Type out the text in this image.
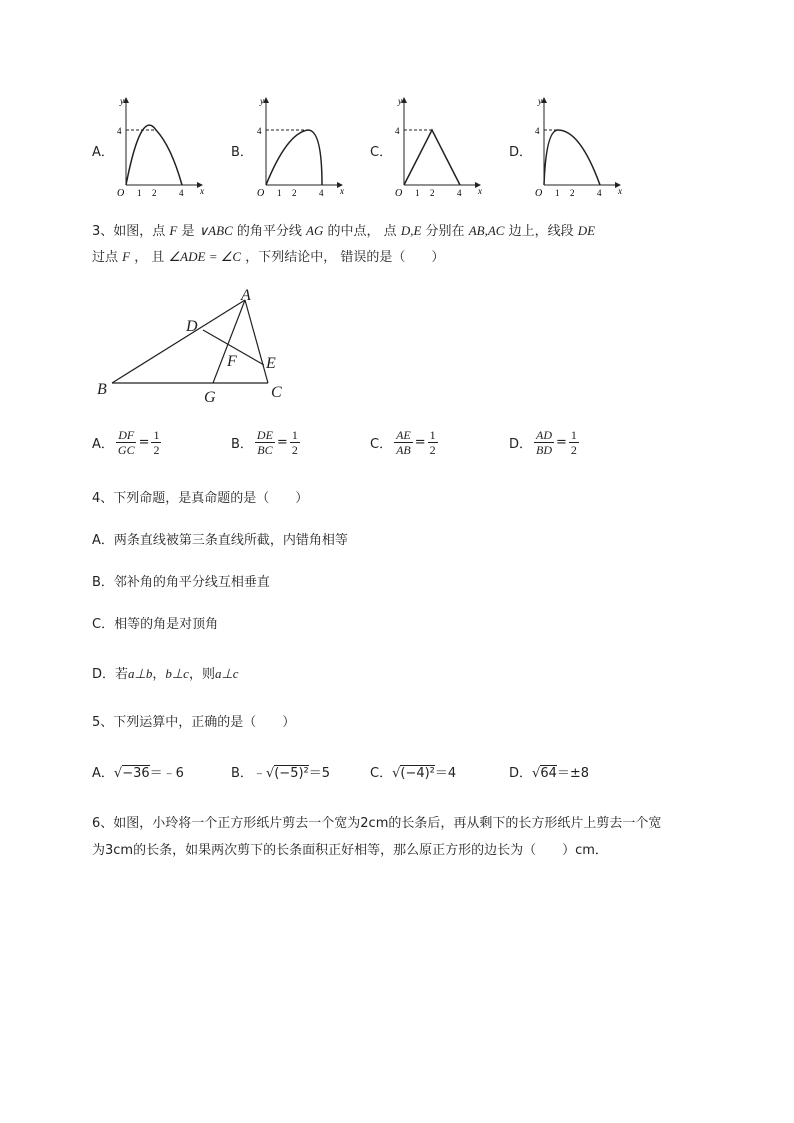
A．
y
x
O 1 2	4
4
B．
y
x
O 1 2	4
4
C．
y
x
O 1 2	4
4
D．
y
x
O 1 2	4
4
3、如图，点 F 是 ∨ABC 的角平分线 AG 的中点， 点 D,E 分别在 AB,AC 边上，线段 DE
过点 F ， 且 ∠ADE = ∠C ，下列结论中， 错误的是（　　）
A
B	C
D
E
F
G
A． $\frac{DF}{GC} = \frac{1}{2}$	B． $\frac{DE}{BC} = \frac{1}{2}$	C． $\frac{AE}{AB} = \frac{1}{2}$	D． $\frac{AD}{BD} = \frac{1}{2}$
4、下列命题，是真命题的是（　　）
A．两条直线被第三条直线所截，内错角相等
B．邻补角的角平分线互相垂直
C．相等的角是对顶角
D．若a⊥b，b⊥c，则a⊥c
5、下列运算中，正确的是（　　）
A．√−36＝﹣6	B．﹣√(−5)²＝5	C．√(−4)²＝4	D．√64＝±8
6、如图，小玲将一个正方形纸片剪去一个宽为2cm的长条后，再从剩下的长方形纸片上剪去一个宽
为3cm的长条，如果两次剪下的长条面积正好相等，那么原正方形的边长为（　　）cm．
